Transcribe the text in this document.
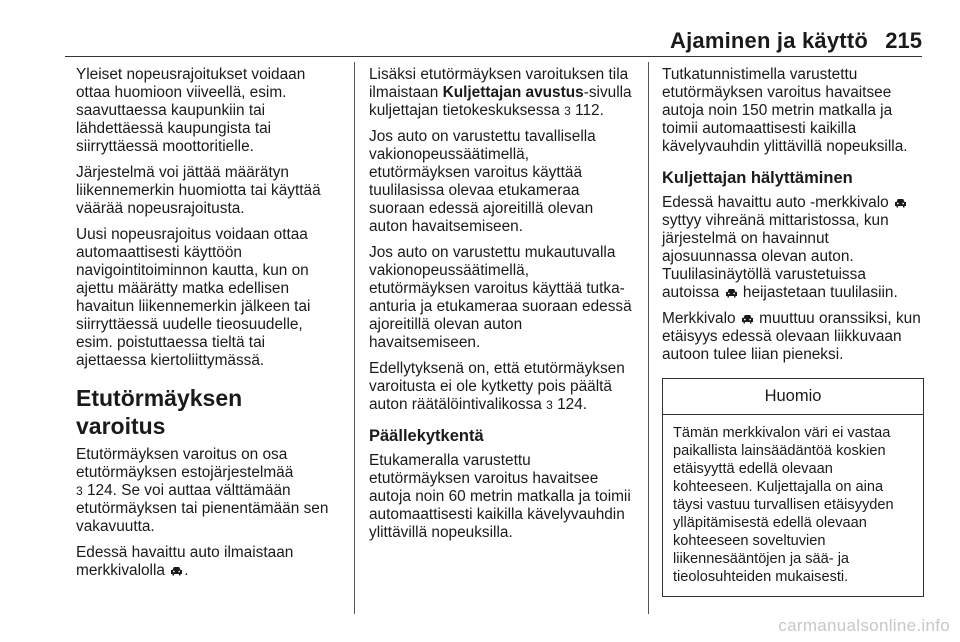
Ajaminen ja käyttö 215

Yleiset nopeusrajoitukset voidaan ottaa huomioon viiveellä, esim. saavuttaessa kaupunkiin tai lähdettäessä kaupungista tai siirryttäessä moottoritielle.

Järjestelmä voi jättää määrätyn liikennemerkin huomiotta tai käyttää väärää nopeusrajoitusta.

Uusi nopeusrajoitus voidaan ottaa automaattisesti käyttöön navigointitoiminnon kautta, kun on ajettu määrätty matka edellisen havaitun liikennemerkin jälkeen tai siirryttäessä uudelle tieosuudelle, esim. poistuttaessa tieltä tai ajettaessa kiertoliittymässä.

Etutörmäyksen varoitus

Etutörmäyksen varoitus on osa etutörmäyksen estojärjestelmää
3 124. Se voi auttaa välttämään etutörmäyksen tai pienentämään sen vakavuutta.

Edessä havaittu auto ilmaistaan merkkivalolla .

Lisäksi etutörmäyksen varoituksen tila ilmaistaan Kuljettajan avustus-sivulla kuljettajan tietokeskuksessa 3 112.

Jos auto on varustettu tavallisella vakionopeussäätimellä, etutörmäyksen varoitus käyttää tuulilasissa olevaa etukameraa suoraan edessä ajoreitillä olevan auton havaitsemiseen.

Jos auto on varustettu mukautuvalla vakionopeussäätimellä, etutörmäyksen varoitus käyttää tutka-anturia ja etukameraa suoraan edessä ajoreitillä olevan auton havaitsemiseen.

Edellytyksenä on, että etutörmäyksen varoitusta ei ole kytketty pois päältä auton räätälöintivalikossa 3 124.

Päällekytkentä

Etukameralla varustettu etutörmäyksen varoitus havaitsee autoja noin 60 metrin matkalla ja toimii automaattisesti kaikilla kävelyvauhdin ylittävillä nopeuksilla.

Tutkatunnistimella varustettu etutörmäyksen varoitus havaitsee autoja noin 150 metrin matkalla ja toimii automaattisesti kaikilla kävelyvauhdin ylittävillä nopeuksilla.

Kuljettajan hälyttäminen

Edessä havaittu auto -merkkivalo  syttyy vihreänä mittaristossa, kun järjestelmä on havainnut ajosuunnassa olevan auton. Tuulilasinäytöllä varustetuissa autoissa heijastetaan tuulilasiin.

Merkkivalo muuttuu oranssiksi, kun etäisyys edessä olevaan liikkuvaan autoon tulee liian pieneksi.

Huomio
Tämän merkkivalon väri ei vastaa paikallista lainsäädäntöä koskien etäisyyttä edellä olevaan kohteeseen. Kuljettajalla on aina täysi vastuu turvallisen etäisyyden ylläpitämisestä edellä olevaan kohteeseen soveltuvien liikennesääntöjen ja sää- ja tieolosuhteiden mukaisesti.
carmanualsonline.info
